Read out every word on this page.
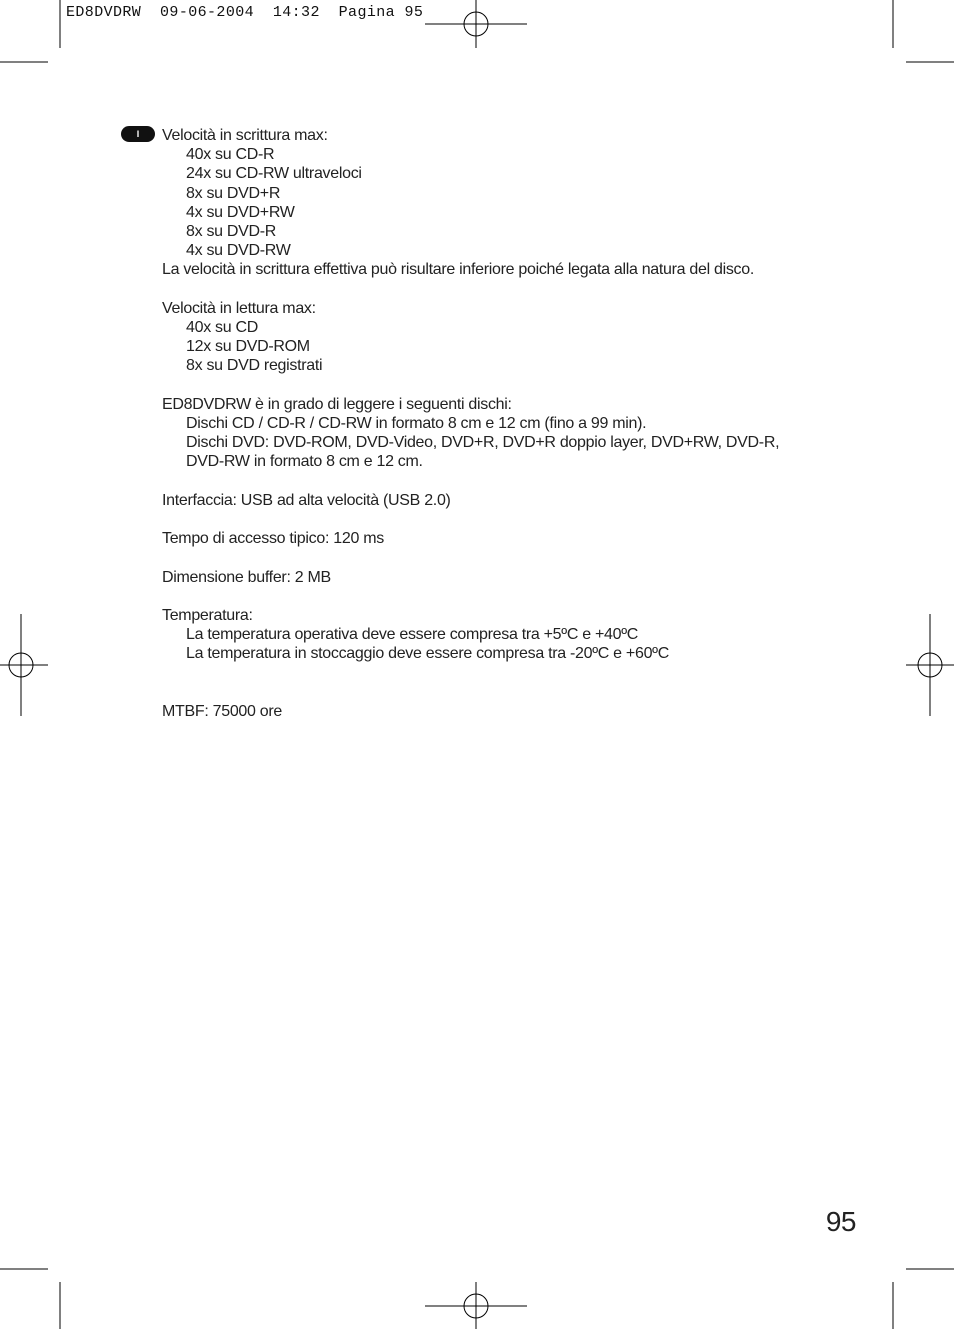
ED8DVDRW  09-06-2004  14:32  Pagina 95
I	Velocità in scrittura max:

40x su CD-R

24x su CD-RW ultraveloci

8x su DVD+R

4x su DVD+RW

8x su DVD-R

4x su DVD-RW

La velocità in scrittura effettiva può risultare inferiore poiché legata alla natura del disco.

Velocità in lettura max:

40x su CD

12x su DVD-ROM

8x su DVD registrati

ED8DVDRW è in grado di leggere i seguenti dischi:

Dischi CD / CD-R / CD-RW in formato 8 cm e 12 cm (fino a 99 min).

Dischi DVD: DVD-ROM, DVD-Video, DVD+R, DVD+R doppio layer, DVD+RW, DVD-R,

DVD-RW in formato 8 cm e 12 cm.

Interfaccia: USB ad alta velocità (USB 2.0)

Tempo di accesso tipico: 120 ms

Dimensione buffer: 2 MB

Temperatura:

La temperatura operativa deve essere compresa tra +5ºC e +40ºC

La temperatura in stoccaggio deve essere compresa tra -20ºC e +60ºC

MTBF: 75000 ore

95
